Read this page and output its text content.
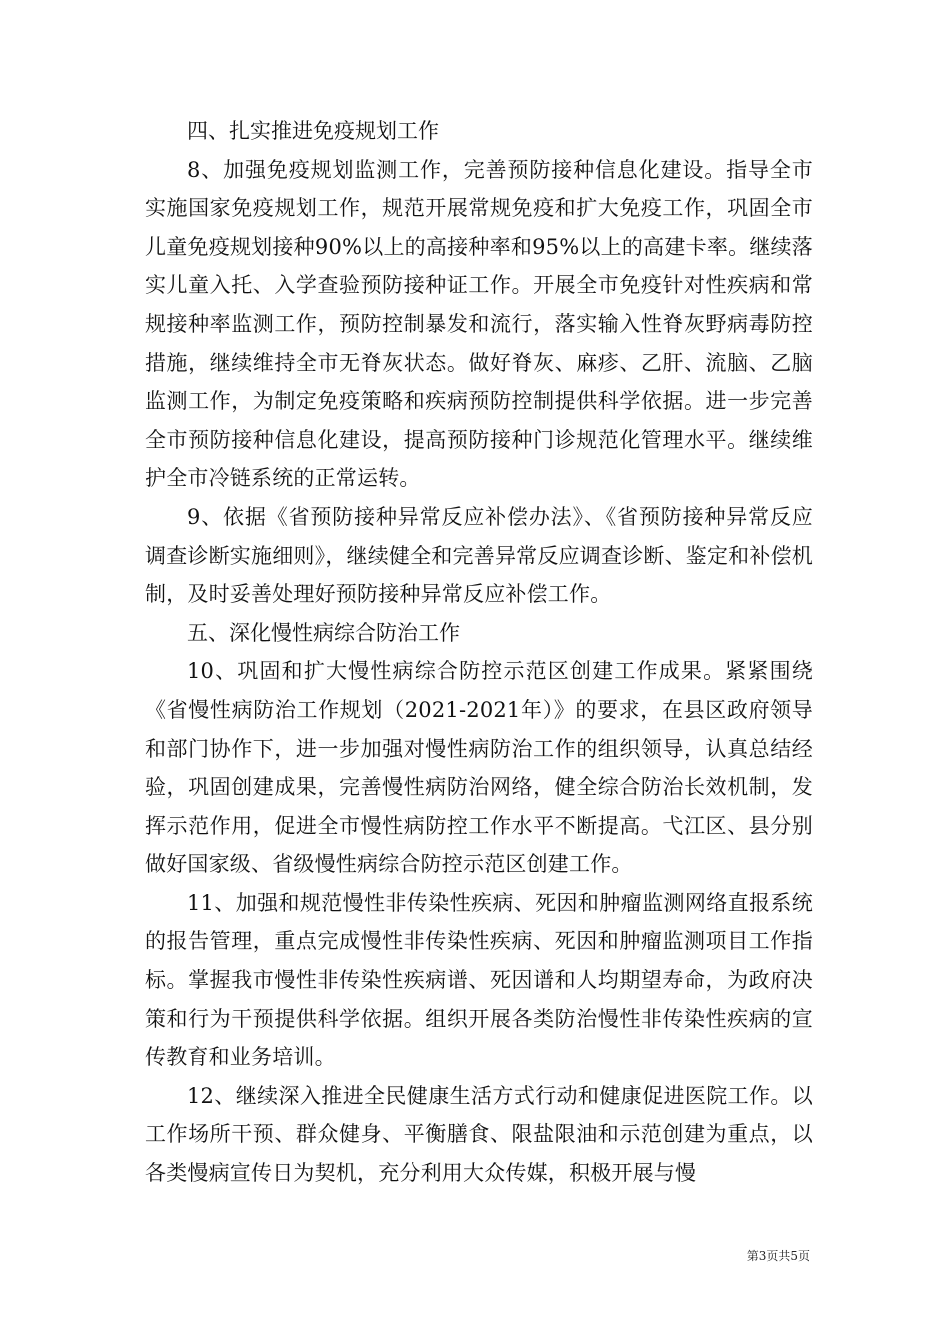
四、扎实推进免疫规划工作

8、加强免疫规划监测工作，完善预防接种信息化建设。指导全市实施国家免疫规划工作，规范开展常规免疫和扩大免疫工作，巩固全市儿童免疫规划接种90%以上的高接种率和95%以上的高建卡率。继续落实儿童入托、入学查验预防接种证工作。开展全市免疫针对性疾病和常规接种率监测工作，预防控制暴发和流行，落实输入性脊灰野病毒防控措施，继续维持全市无脊灰状态。做好脊灰、麻疹、乙肝、流脑、乙脑监测工作，为制定免疫策略和疾病预防控制提供科学依据。进一步完善全市预防接种信息化建设，提高预防接种门诊规范化管理水平。继续维护全市冷链系统的正常运转。

9、依据《省预防接种异常反应补偿办法》、《省预防接种异常反应调查诊断实施细则》，继续健全和完善异常反应调查诊断、鉴定和补偿机制，及时妥善处理好预防接种异常反应补偿工作。

五、深化慢性病综合防治工作

10、巩固和扩大慢性病综合防控示范区创建工作成果。紧紧围绕《省慢性病防治工作规划（2021-2021年）》的要求，在县区政府领导和部门协作下，进一步加强对慢性病防治工作的组织领导，认真总结经验，巩固创建成果，完善慢性病防治网络，健全综合防治长效机制，发挥示范作用，促进全市慢性病防控工作水平不断提高。弋江区、县分别做好国家级、省级慢性病综合防控示范区创建工作。

11、加强和规范慢性非传染性疾病、死因和肿瘤监测网络直报系统的报告管理，重点完成慢性非传染性疾病、死因和肿瘤监测项目工作指标。掌握我市慢性非传染性疾病谱、死因谱和人均期望寿命，为政府决策和行为干预提供科学依据。组织开展各类防治慢性非传染性疾病的宣传教育和业务培训。

12、继续深入推进全民健康生活方式行动和健康促进医院工作。以工作场所干预、群众健身、平衡膳食、限盐限油和示范创建为重点，以各类慢病宣传日为契机，充分利用大众传媒，积极开展与慢

第3页共5页
